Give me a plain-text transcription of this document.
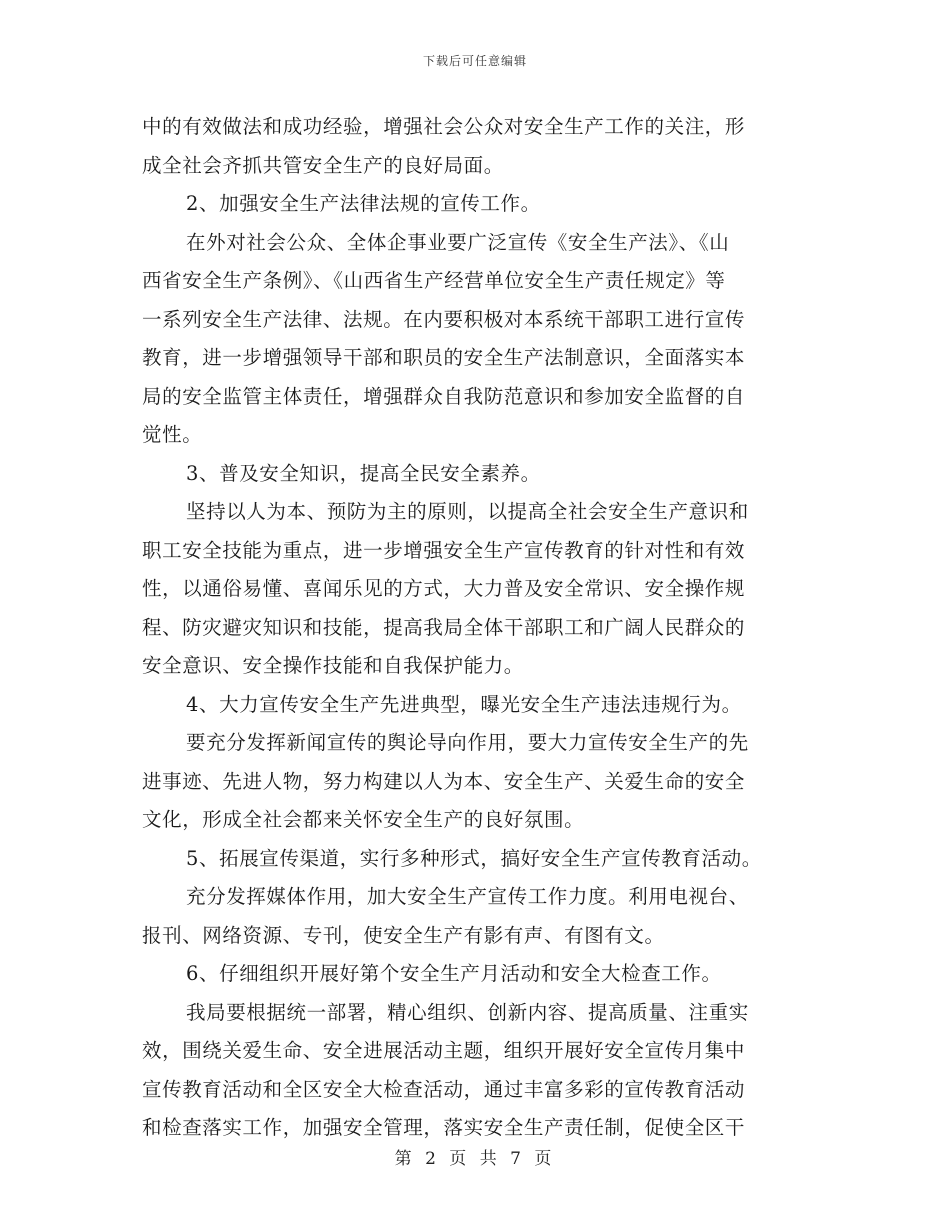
下载后可任意编辑
中的有效做法和成功经验，增强社会公众对安全生产工作的关注，形
成全社会齐抓共管安全生产的良好局面。
2、加强安全生产法律法规的宣传工作。
在外对社会公众、全体企事业要广泛宣传《安全生产法》、《山
西省安全生产条例》、《山西省生产经营单位安全生产责任规定》等
一系列安全生产法律、法规。在内要积极对本系统干部职工进行宣传
教育，进一步增强领导干部和职员的安全生产法制意识，全面落实本
局的安全监管主体责任，增强群众自我防范意识和参加安全监督的自
觉性。
3、普及安全知识，提高全民安全素养。
坚持以人为本、预防为主的原则，以提高全社会安全生产意识和
职工安全技能为重点，进一步增强安全生产宣传教育的针对性和有效
性，以通俗易懂、喜闻乐见的方式，大力普及安全常识、安全操作规
程、防灾避灾知识和技能，提高我局全体干部职工和广阔人民群众的
安全意识、安全操作技能和自我保护能力。
4、大力宣传安全生产先进典型，曝光安全生产违法违规行为。
要充分发挥新闻宣传的舆论导向作用，要大力宣传安全生产的先
进事迹、先进人物，努力构建以人为本、安全生产、关爱生命的安全
文化，形成全社会都来关怀安全生产的良好氛围。
5、拓展宣传渠道，实行多种形式，搞好安全生产宣传教育活动。
充分发挥媒体作用，加大安全生产宣传工作力度。利用电视台、
报刊、网络资源、专刊，使安全生产有影有声、有图有文。
6、仔细组织开展好第个安全生产月活动和安全大检查工作。
我局要根据统一部署，精心组织、创新内容、提高质量、注重实
效，围绕关爱生命、安全进展活动主题，组织开展好安全宣传月集中
宣传教育活动和全区安全大检查活动，通过丰富多彩的宣传教育活动
和检查落实工作，加强安全管理，落实安全生产责任制，促使全区干
第 2 页 共 7 页
